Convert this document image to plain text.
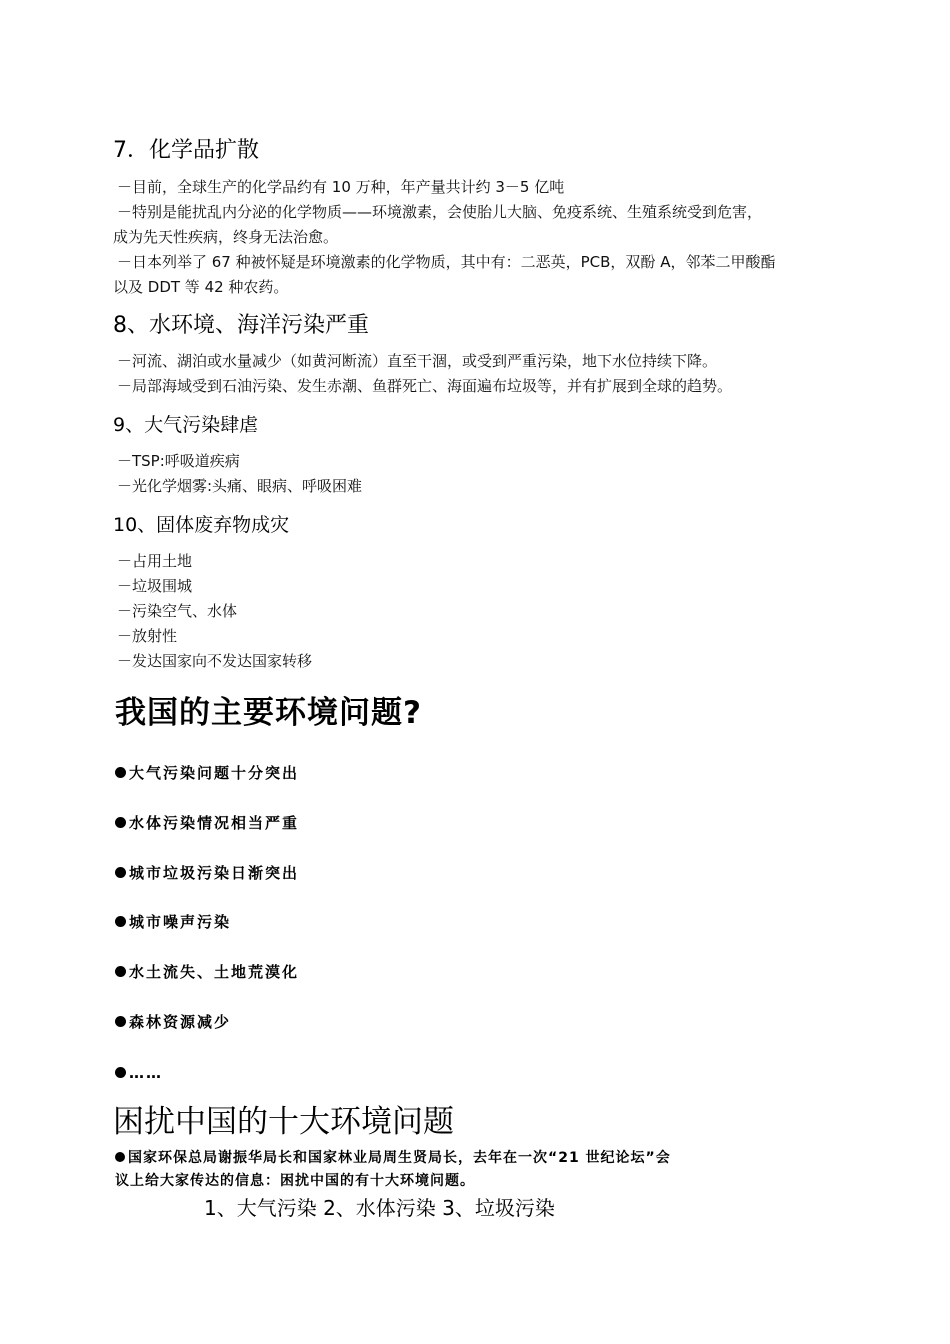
7．化学品扩散
－目前，全球生产的化学品约有 10 万种，年产量共计约 3－5 亿吨
－特别是能扰乱内分泌的化学物质——环境激素，会使胎儿大脑、免疫系统、生殖系统受到危害，
成为先天性疾病，终身无法治愈。
－日本列举了 67 种被怀疑是环境激素的化学物质，其中有：二恶英，PCB，双酚 A，邻苯二甲酸酯
以及 DDT 等 42 种农药。
8、水环境、海洋污染严重
－河流、湖泊或水量减少（如黄河断流）直至干涸，或受到严重污染，地下水位持续下降。
－局部海域受到石油污染、发生赤潮、鱼群死亡、海面遍布垃圾等，并有扩展到全球的趋势。
9、大气污染肆虐
－TSP:呼吸道疾病
－光化学烟雾:头痛、眼病、呼吸困难
10、固体废弃物成灾
－占用土地
－垃圾围城
－污染空气、水体
－放射性
－发达国家向不发达国家转移
我国的主要环境问题?
大气污染问题十分突出
水体污染情况相当严重
城市垃圾污染日渐突出
城市噪声污染
水土流失、土地荒漠化
森林资源减少
……
困扰中国的十大环境问题
国家环保总局谢振华局长和国家林业局周生贤局长，去年在一次“21 世纪论坛”会
议上给大家传达的信息：困扰中国的有十大环境问题。
1、大气污染 2、水体污染 3、垃圾污染
